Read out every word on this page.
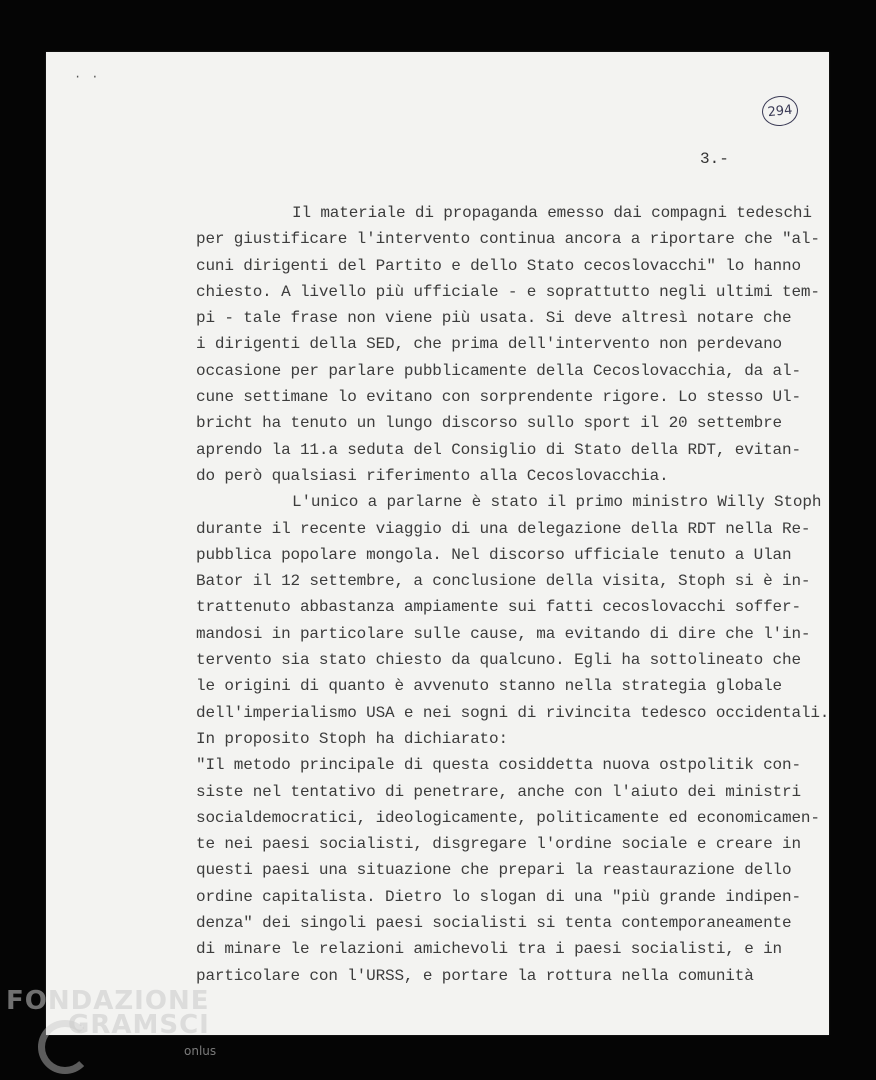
··
294
3.-
Il materiale di propaganda emesso dai compagni tedeschi
per giustificare l'intervento continua ancora a riportare che "al-
cuni dirigenti del Partito e dello Stato cecoslovacchi" lo hanno
chiesto. A livello più ufficiale - e soprattutto negli ultimi tem-
pi - tale frase non viene più usata. Si deve altresì notare che
i dirigenti della SED, che prima dell'intervento non perdevano
occasione per parlare pubblicamente della Cecoslovacchia, da al-
cune settimane lo evitano con sorprendente rigore. Lo stesso Ul-
bricht ha tenuto un lungo discorso sullo sport il 20 settembre
aprendo la 11.a seduta del Consiglio di Stato della RDT, evitan-
do però qualsiasi riferimento alla Cecoslovacchia.
L'unico a parlarne è stato il primo ministro Willy Stoph
durante il recente viaggio di una delegazione della RDT nella Re-
pubblica popolare mongola. Nel discorso ufficiale tenuto a Ulan
Bator il 12 settembre, a conclusione della visita, Stoph si è in-
trattenuto abbastanza ampiamente sui fatti cecoslovacchi soffer-
mandosi in particolare sulle cause, ma evitando di dire che l'in-
tervento sia stato chiesto da qualcuno. Egli ha sottolineato che
le origini di quanto è avvenuto stanno nella strategia globale
dell'imperialismo USA e nei sogni di rivincita tedesco occidentali.
In proposito Stoph ha dichiarato:
"Il metodo principale di questa cosiddetta nuova ostpolitik con-
siste nel tentativo di penetrare, anche con l'aiuto dei ministri
socialdemocratici, ideologicamente, politicamente ed economicamen-
te nei paesi socialisti, disgregare l'ordine sociale e creare in
questi paesi una situazione che prepari la reastaurazione dello
ordine capitalista. Dietro lo slogan di una "più grande indipen-
denza" dei singoli paesi socialisti si tenta contemporaneamente
di minare le relazioni amichevoli tra i paesi socialisti, e in
particolare con l'URSS, e portare la rottura nella comunità
FONDAZIONE
GRAMSCI
onlus
